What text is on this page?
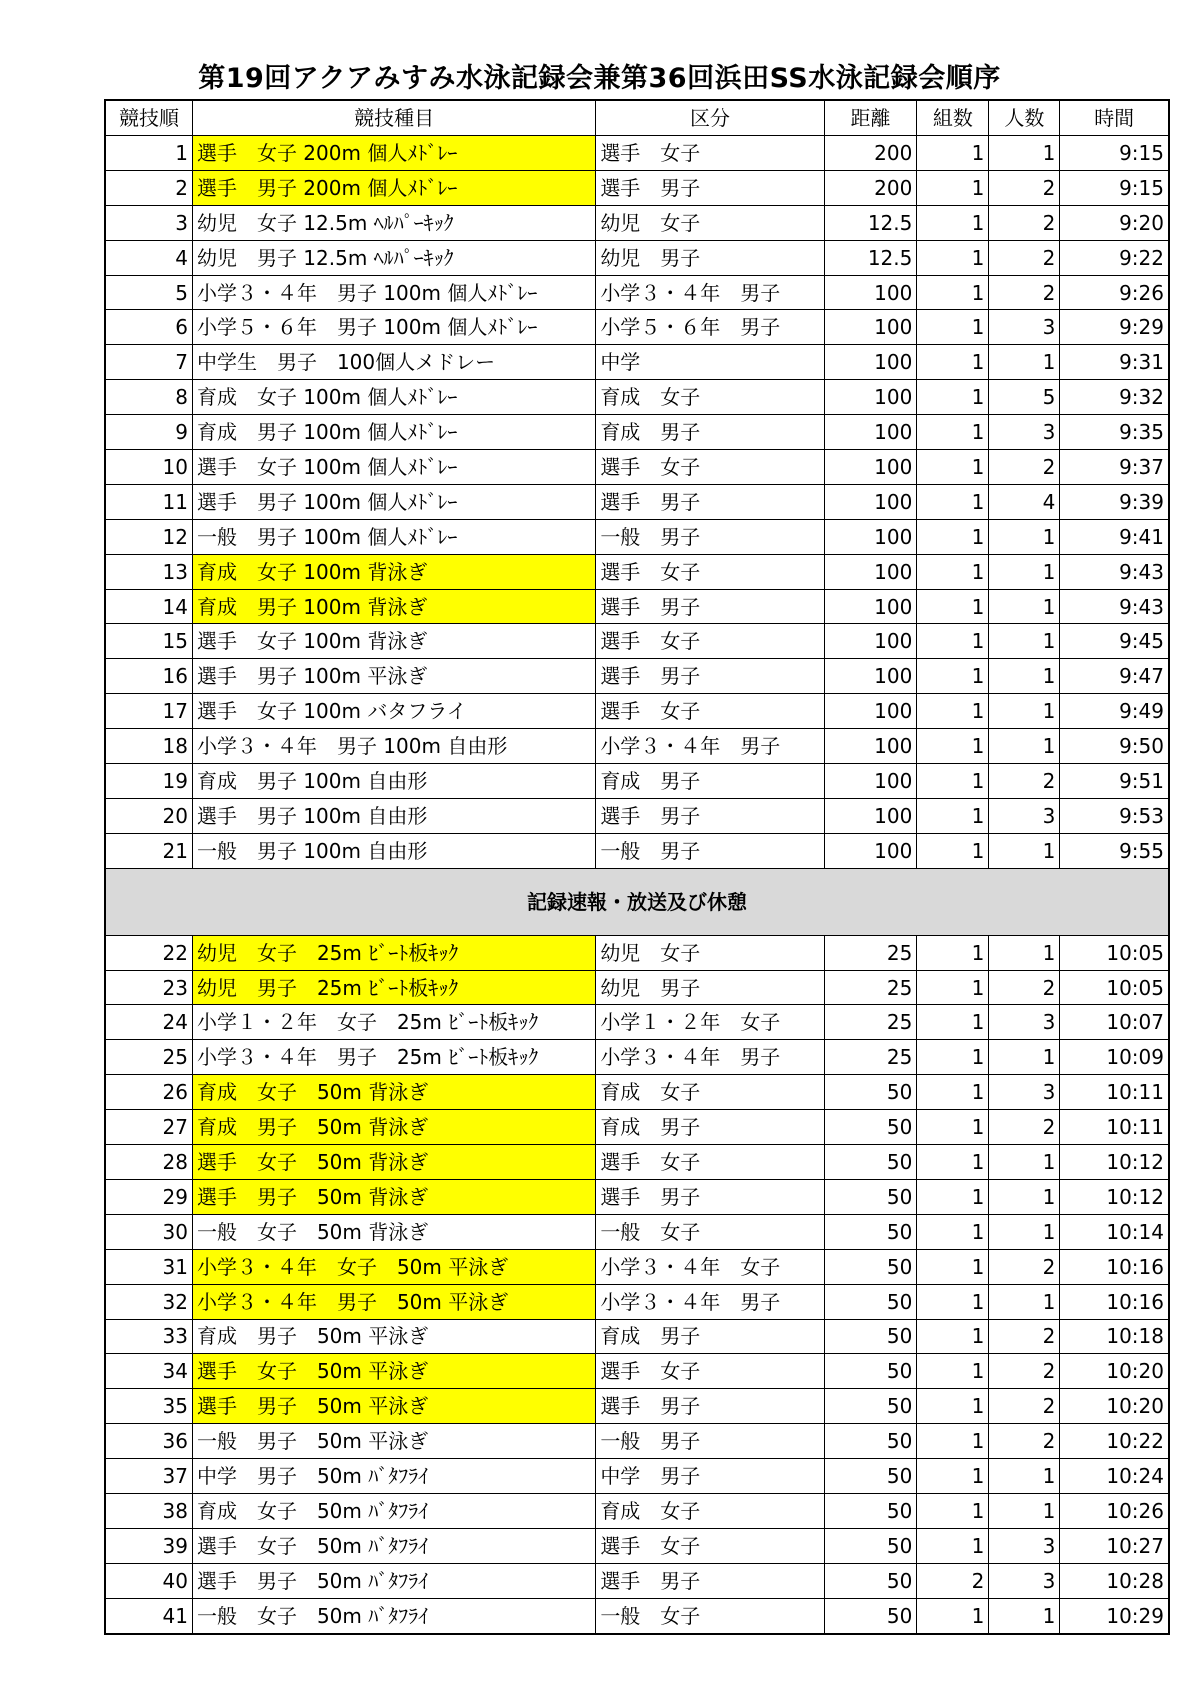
第19回アクアみすみ水泳記録会兼第36回浜田SS水泳記録会順序
競技順	競技種目	区分	距離	組数	人数	時間
1	選手　女子 200m 個人ﾒﾄﾞﾚｰ	選手　女子	200	1	1	9:15
2	選手　男子 200m 個人ﾒﾄﾞﾚｰ	選手　男子	200	1	2	9:15
3	幼児　女子 12.5m ﾍﾙﾊﾟｰｷｯｸ	幼児　女子	12.5	1	2	9:20
4	幼児　男子 12.5m ﾍﾙﾊﾟｰｷｯｸ	幼児　男子	12.5	1	2	9:22
5	小学３・４年　男子 100m 個人ﾒﾄﾞﾚｰ	小学３・４年　男子	100	1	2	9:26
6	小学５・６年　男子 100m 個人ﾒﾄﾞﾚｰ	小学５・６年　男子	100	1	3	9:29
7	中学生　男子　100個人メドレー	中学	100	1	1	9:31
8	育成　女子 100m 個人ﾒﾄﾞﾚｰ	育成　女子	100	1	5	9:32
9	育成　男子 100m 個人ﾒﾄﾞﾚｰ	育成　男子	100	1	3	9:35
10	選手　女子 100m 個人ﾒﾄﾞﾚｰ	選手　女子	100	1	2	9:37
11	選手　男子 100m 個人ﾒﾄﾞﾚｰ	選手　男子	100	1	4	9:39
12	一般　男子 100m 個人ﾒﾄﾞﾚｰ	一般　男子	100	1	1	9:41
13	育成　女子 100m 背泳ぎ	選手　女子	100	1	1	9:43
14	育成　男子 100m 背泳ぎ	選手　男子	100	1	1	9:43
15	選手　女子 100m 背泳ぎ	選手　女子	100	1	1	9:45
16	選手　男子 100m 平泳ぎ	選手　男子	100	1	1	9:47
17	選手　女子 100m バタフライ	選手　女子	100	1	1	9:49
18	小学３・４年　男子 100m 自由形	小学３・４年　男子	100	1	1	9:50
19	育成　男子 100m 自由形	育成　男子	100	1	2	9:51
20	選手　男子 100m 自由形	選手　男子	100	1	3	9:53
21	一般　男子 100m 自由形	一般　男子	100	1	1	9:55
記録速報・放送及び休憩						
22	幼児　女子　25m ﾋﾞｰﾄ板ｷｯｸ	幼児　女子	25	1	1	10:05
23	幼児　男子　25m ﾋﾞｰﾄ板ｷｯｸ	幼児　男子	25	1	2	10:05
24	小学１・２年　女子　25m ﾋﾞｰﾄ板ｷｯｸ	小学１・２年　女子	25	1	3	10:07
25	小学３・４年　男子　25m ﾋﾞｰﾄ板ｷｯｸ	小学３・４年　男子	25	1	1	10:09
26	育成　女子　50m 背泳ぎ	育成　女子	50	1	3	10:11
27	育成　男子　50m 背泳ぎ	育成　男子	50	1	2	10:11
28	選手　女子　50m 背泳ぎ	選手　女子	50	1	1	10:12
29	選手　男子　50m 背泳ぎ	選手　男子	50	1	1	10:12
30	一般　女子　50m 背泳ぎ	一般　女子	50	1	1	10:14
31	小学３・４年　女子　50m 平泳ぎ	小学３・４年　女子	50	1	2	10:16
32	小学３・４年　男子　50m 平泳ぎ	小学３・４年　男子	50	1	1	10:16
33	育成　男子　50m 平泳ぎ	育成　男子	50	1	2	10:18
34	選手　女子　50m 平泳ぎ	選手　女子	50	1	2	10:20
35	選手　男子　50m 平泳ぎ	選手　男子	50	1	2	10:20
36	一般　男子　50m 平泳ぎ	一般　男子	50	1	2	10:22
37	中学　男子　50m ﾊﾞﾀﾌﾗｲ	中学　男子	50	1	1	10:24
38	育成　女子　50m ﾊﾞﾀﾌﾗｲ	育成　女子	50	1	1	10:26
39	選手　女子　50m ﾊﾞﾀﾌﾗｲ	選手　女子	50	1	3	10:27
40	選手　男子　50m ﾊﾞﾀﾌﾗｲ	選手　男子	50	2	3	10:28
41	一般　女子　50m ﾊﾞﾀﾌﾗｲ	一般　女子	50	1	1	10:29
